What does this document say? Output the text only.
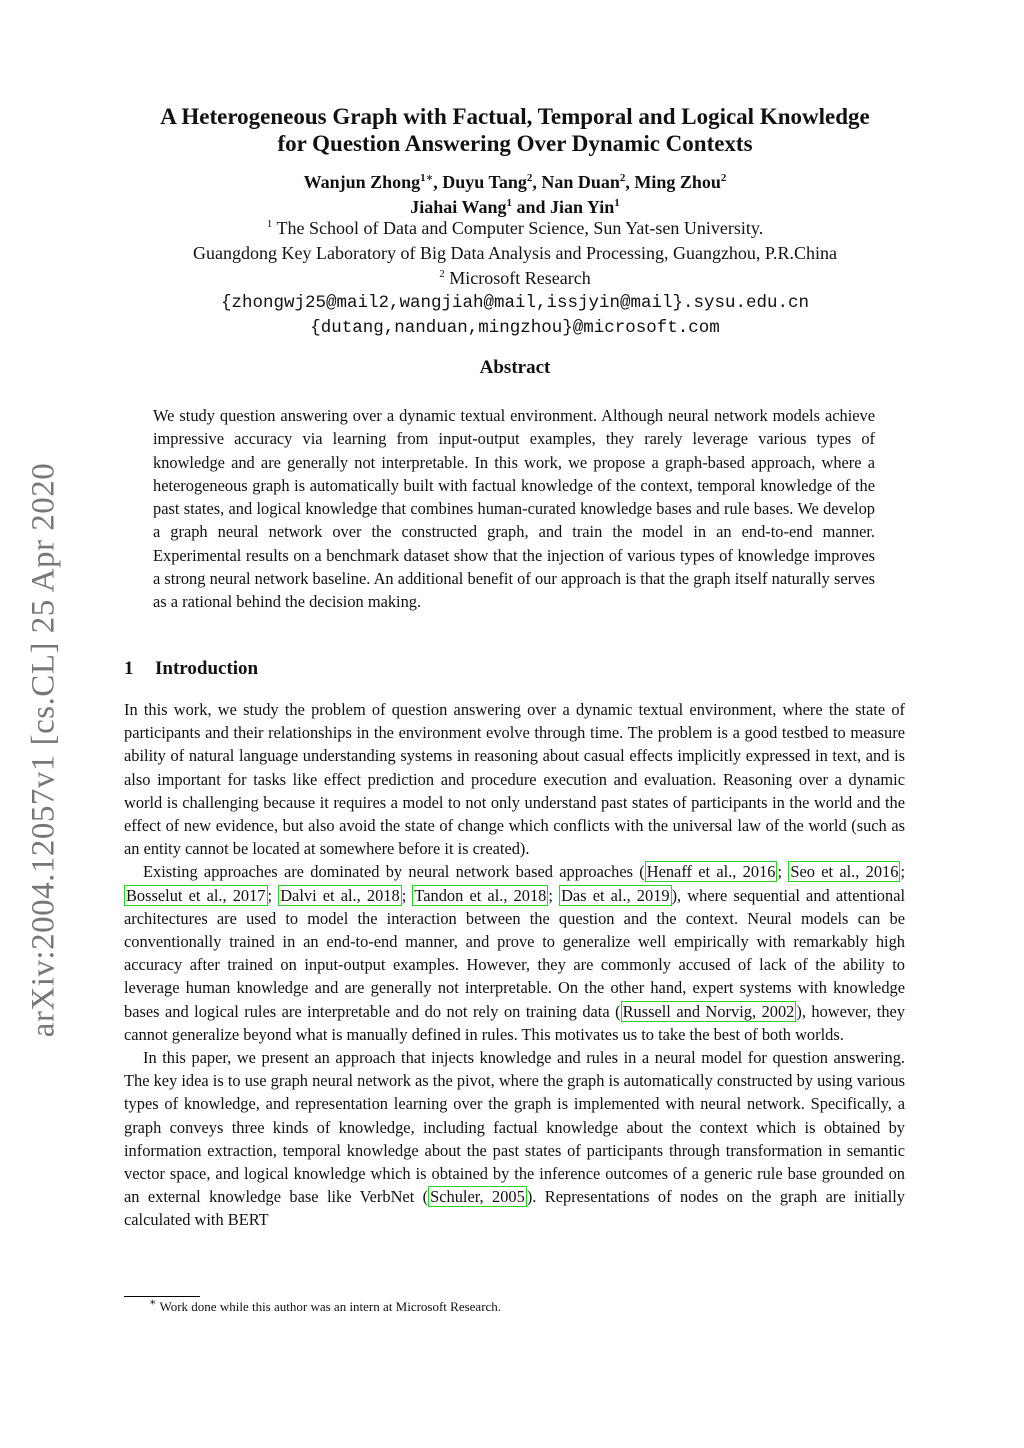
arXiv:2004.12057v1 [cs.CL] 25 Apr 2020
A Heterogeneous Graph with Factual, Temporal and Logical Knowledge
for Question Answering Over Dynamic Contexts
Wanjun Zhong$^{1∗}$, Duyu Tang$^2$, Nan Duan$^2$, Ming Zhou$^2$
Jiahai Wang$^1$ and Jian Yin$^1$
$^1$ The School of Data and Computer Science, Sun Yat-sen University.
Guangdong Key Laboratory of Big Data Analysis and Processing, Guangzhou, P.R.China
$^2$ Microsoft Research
{zhongwj25@mail2,wangjiah@mail,issjyin@mail}.sysu.edu.cn
{dutang,nanduan,mingzhou}@microsoft.com
Abstract
We study question answering over a dynamic textual environment. Although neural network models achieve impressive accuracy via learning from input-output examples, they rarely leverage various types of knowledge and are generally not interpretable. In this work, we propose a graph-based approach, where a heterogeneous graph is automatically built with factual knowledge of the context, temporal knowledge of the past states, and logical knowledge that combines human-curated knowledge bases and rule bases. We develop a graph neural network over the constructed graph, and train the model in an end-to-end manner. Experimental results on a benchmark dataset show that the injection of various types of knowledge improves a strong neural network baseline. An additional benefit of our approach is that the graph itself naturally serves as a rational behind the decision making.
1 Introduction

In this work, we study the problem of question answering over a dynamic textual environment, where the state of participants and their relationships in the environment evolve through time. The problem is a good testbed to measure ability of natural language understanding systems in reasoning about casual effects implicitly expressed in text, and is also important for tasks like effect prediction and procedure execution and evaluation. Reasoning over a dynamic world is challenging because it requires a model to not only understand past states of participants in the world and the effect of new evidence, but also avoid the state of change which conflicts with the universal law of the world (such as an entity cannot be located at somewhere before it is created).

Existing approaches are dominated by neural network based approaches ( Henaff et al., 2016 ; Seo et al., 2016 ; Bosselut et al., 2017 ; Dalvi et al., 2018 ; Tandon et al., 2018 ; Das et al., 2019 ), where sequential and attentional architectures are used to model the interaction between the question and the context. Neural models can be conventionally trained in an end-to-end manner, and prove to generalize well empirically with remarkably high accuracy after trained on input-output examples. However, they are commonly accused of lack of the ability to leverage human knowledge and are generally not interpretable. On the other hand, expert systems with knowledge bases and logical rules are interpretable and do not rely on training data ( Russell and Norvig, 2002 ), however, they cannot generalize beyond what is manually defined in rules. This motivates us to take the best of both worlds.

In this paper, we present an approach that injects knowledge and rules in a neural model for question answering. The key idea is to use graph neural network as the pivot, where the graph is automatically constructed by using various types of knowledge, and representation learning over the graph is implemented with neural network. Specifically, a graph conveys three kinds of knowledge, including factual knowledge about the context which is obtained by information extraction, temporal knowledge about the past states of participants through transformation in semantic vector space, and logical knowledge which is obtained by the inference outcomes of a generic rule base grounded on an external knowledge base like VerbNet ( Schuler, 2005 ). Representations of nodes on the graph are initially calculated with BERT

∗ Work done while this author was an intern at Microsoft Research.
